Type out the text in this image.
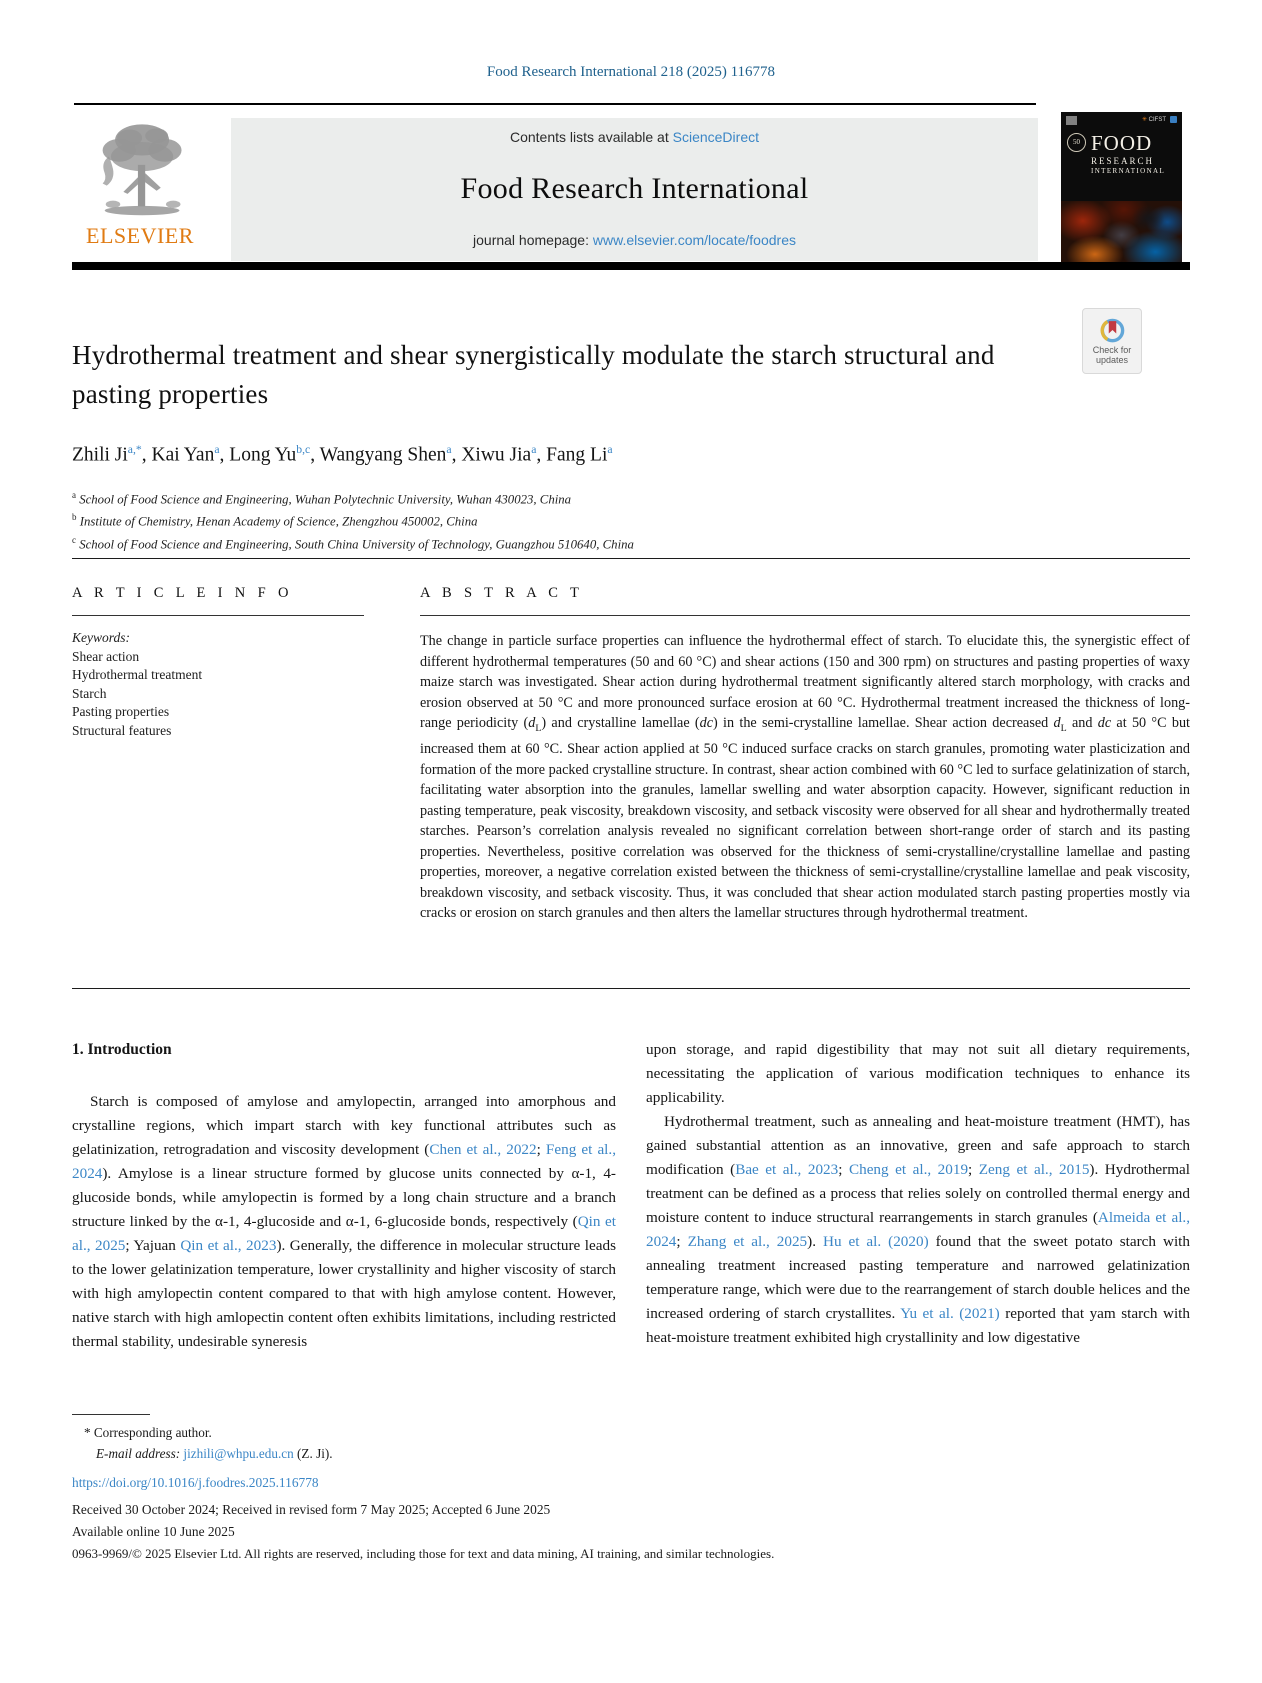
Food Research International 218 (2025) 116778
ELSEVIER
Contents lists available at ScienceDirect
Food Research International
journal homepage: www.elsevier.com/locate/foodres
✳ CIFST
50 FOOD
RESEARCH
INTERNATIONAL
Hydrothermal treatment and shear synergistically modulate the starch structural and pasting properties
Check for updates
Zhili $Ji^{a,*}$, Kai Yan$^a$, Long Yu$^{b,c}$, Wangyang Shen$^a$, Xiwu Jia$^a$, Fang Li$^a$
$^a$ School of Food Science and Engineering, Wuhan Polytechnic University, Wuhan 430023, China
$^b$ Institute of Chemistry, Henan Academy of Science, Zhengzhou 450002, China
$^c$ School of Food Science and Engineering, South China University of Technology, Guangzhou 510640, China
A R T I C L E I N F O
Keywords:
Shear action
Hydrothermal treatment
Starch
Pasting properties
Structural features
A B S T R A C T
The change in particle surface properties can influence the hydrothermal effect of starch. To elucidate this, the synergistic effect of different hydrothermal temperatures (50 and 60 °C) and shear actions (150 and 300 rpm) on structures and pasting properties of waxy maize starch was investigated. Shear action during hydrothermal treatment significantly altered starch morphology, with cracks and erosion observed at 50 °C and more pronounced surface erosion at 60 °C. Hydrothermal treatment increased the thickness of long-range periodicity $(d_L)$ and crystalline lamellae (dc) in the semi-crystalline lamellae. Shear action decreased $d_L$ and dc at 50 °C but increased them at 60 °C. Shear action applied at 50 °C induced surface cracks on starch granules, promoting water plasticization and formation of the more packed crystalline structure. In contrast, shear action combined with 60 °C led to surface gelatinization of starch, facilitating water absorption into the granules, lamellar swelling and water absorption capacity. However, significant reduction in pasting temperature, peak viscosity, breakdown viscosity, and setback viscosity were observed for all shear and hydrothermally treated starches. Pearson’s correlation analysis revealed no significant correlation between short-range order of starch and its pasting properties. Nevertheless, positive correlation was observed for the thickness of semi-crystalline/crystalline lamellae and pasting properties, moreover, a negative correlation existed between the thickness of semi-crystalline/crystalline lamellae and peak viscosity, breakdown viscosity, and setback viscosity. Thus, it was concluded that shear action modulated starch pasting properties mostly via cracks or erosion on starch granules and then alters the lamellar structures through hydrothermal treatment.
1. Introduction

Starch is composed of amylose and amylopectin, arranged into amorphous and crystalline regions, which impart starch with key functional attributes such as gelatinization, retrogradation and viscosity development (Chen et al., 2022; Feng et al., 2024). Amylose is a linear structure formed by glucose units connected by α-1, 4-glucoside bonds, while amylopectin is formed by a long chain structure and a branch structure linked by the α-1, 4-glucoside and α-1, 6-glucoside bonds, respectively (Qin et al., 2025; Yajuan Qin et al., 2023). Generally, the difference in molecular structure leads to the lower gelatinization temperature, lower crystallinity and higher viscosity of starch with high amylopectin content compared to that with high amylose content. However, native starch with high amlopectin content often exhibits limitations, including restricted thermal stability, undesirable syneresis

upon storage, and rapid digestibility that may not suit all dietary requirements, necessitating the application of various modification techniques to enhance its applicability.

Hydrothermal treatment, such as annealing and heat-moisture treatment (HMT), has gained substantial attention as an innovative, green and safe approach to starch modification (Bae et al., 2023; Cheng et al., 2019; Zeng et al., 2015). Hydrothermal treatment can be defined as a process that relies solely on controlled thermal energy and moisture content to induce structural rearrangements in starch granules (Almeida et al., 2024; Zhang et al., 2025). Hu et al. (2020) found that the sweet potato starch with annealing treatment increased pasting temperature and narrowed gelatinization temperature range, which were due to the rearrangement of starch double helices and the increased ordering of starch crystallites. Yu et al. (2021) reported that yam starch with heat-moisture treatment exhibited high crystallinity and low digestative

* Corresponding author.
E-mail address: jizhili@whpu.edu.cn (Z. Ji).
https://doi.org/10.1016/j.foodres.2025.116778
Received 30 October 2024; Received in revised form 7 May 2025; Accepted 6 June 2025
Available online 10 June 2025
0963-9969/© 2025 Elsevier Ltd. All rights are reserved, including those for text and data mining, AI training, and similar technologies.
